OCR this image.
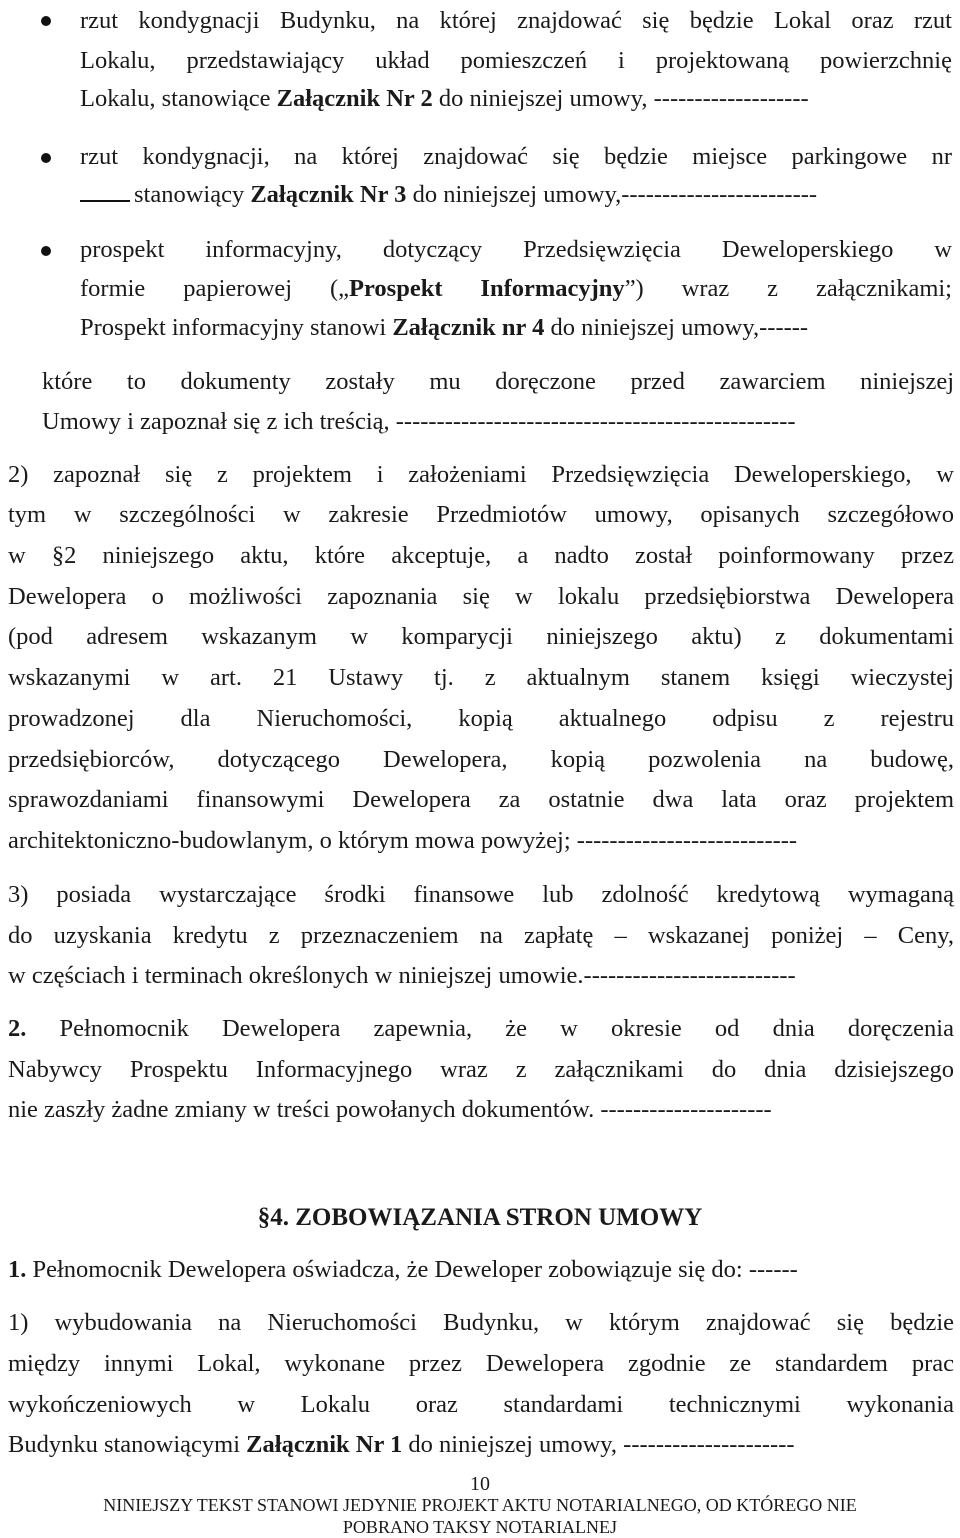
rzut kondygnacji Budynku, na której znajdować się będzie Lokal oraz rzut
Lokalu, przedstawiający układ pomieszczeń i projektowaną powierzchnię
Lokalu, stanowiące Załącznik Nr 2 do niniejszej umowy, -------------------
rzut kondygnacji, na której znajdować się będzie miejsce parkingowe nr
stanowiący Załącznik Nr 3 do niniejszej umowy,------------------------
prospekt informacyjny, dotyczący Przedsięwzięcia Deweloperskiego w
formie papierowej („Prospekt Informacyjny”) wraz z załącznikami;
Prospekt informacyjny stanowi Załącznik nr 4 do niniejszej umowy,------
które to dokumenty zostały mu doręczone przed zawarciem niniejszej
Umowy i zapoznał się z ich treścią, -------------------------------------------------
2) zapoznał się z projektem i założeniami Przedsięwzięcia Deweloperskiego, w
tym w szczególności w zakresie Przedmiotów umowy, opisanych szczegółowo
w §2 niniejszego aktu, które akceptuje, a nadto został poinformowany przez
Dewelopera o możliwości zapoznania się w lokalu przedsiębiorstwa Dewelopera
(pod adresem wskazanym w komparycji niniejszego aktu) z dokumentami
wskazanymi w art. 21 Ustawy tj. z aktualnym stanem księgi wieczystej
prowadzonej dla Nieruchomości, kopią aktualnego odpisu z rejestru
przedsiębiorców, dotyczącego Dewelopera, kopią pozwolenia na budowę,
sprawozdaniami finansowymi Dewelopera za ostatnie dwa lata oraz projektem
architektoniczno-budowlanym, o którym mowa powyżej; ---------------------------
3) posiada wystarczające środki finansowe lub zdolność kredytową wymaganą
do uzyskania kredytu z przeznaczeniem na zapłatę – wskazanej poniżej – Ceny,
w częściach i terminach określonych w niniejszej umowie.--------------------------
2. Pełnomocnik Dewelopera zapewnia, że w okresie od dnia doręczenia
Nabywcy Prospektu Informacyjnego wraz z załącznikami do dnia dzisiejszego
nie zaszły żadne zmiany w treści powołanych dokumentów. ---------------------
§4. ZOBOWIĄZANIA STRON UMOWY
1. Pełnomocnik Dewelopera oświadcza, że Deweloper zobowiązuje się do: ------
1) wybudowania na Nieruchomości Budynku, w którym znajdować się będzie
między innymi Lokal, wykonane przez Dewelopera zgodnie ze standardem prac
wykończeniowych w Lokalu oraz standardami technicznymi wykonania
Budynku stanowiącymi Załącznik Nr 1 do niniejszej umowy, ---------------------
10
NINIEJSZY TEKST STANOWI JEDYNIE PROJEKT AKTU NOTARIALNEGO, OD KTÓREGO NIE
POBRANO TAKSY NOTARIALNEJ
